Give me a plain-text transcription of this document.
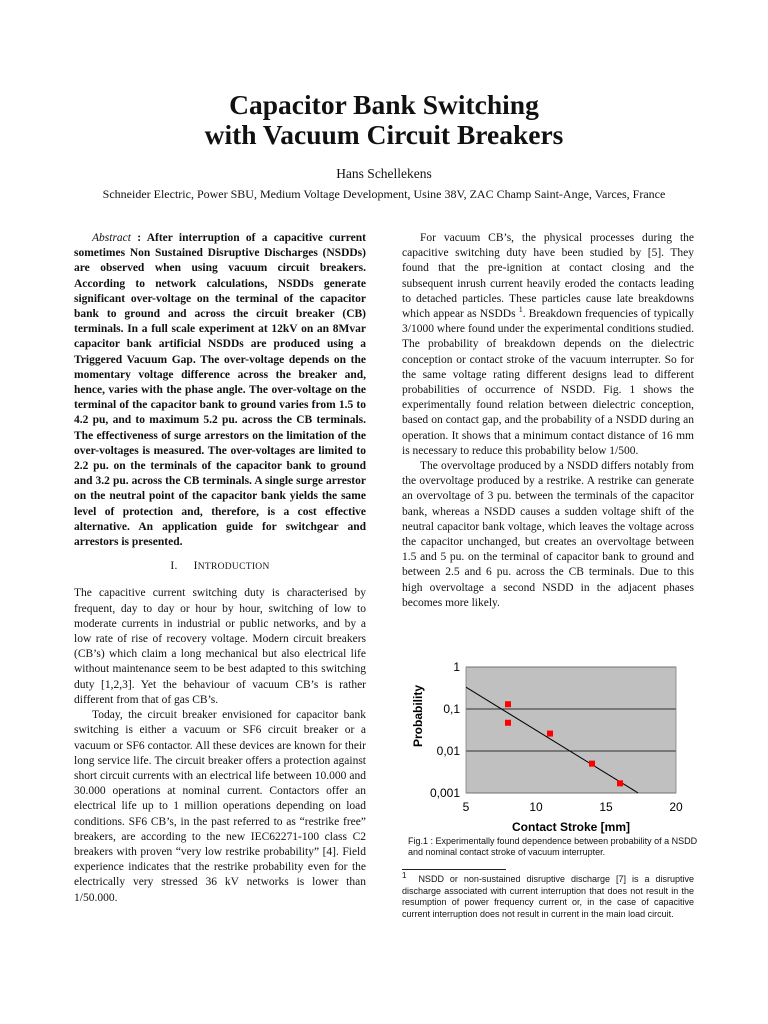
Capacitor Bank Switching
with Vacuum Circuit Breakers

Hans Schellekens

Schneider Electric, Power SBU, Medium Voltage Development, Usine 38V, ZAC Champ Saint-Ange, Varces, France

Abstract : After interruption of a capacitive current sometimes Non Sustained Disruptive Discharges (NSDDs) are observed when using vacuum circuit breakers. According to network calculations, NSDDs generate significant over-voltage on the terminal of the capacitor bank to ground and across the circuit breaker (CB) terminals. In a full scale experiment at 12kV on an 8Mvar capacitor bank artificial NSDDs are produced using a Triggered Vacuum Gap. The over-voltage depends on the momentary voltage difference across the breaker and, hence, varies with the phase angle. The over-voltage on the terminal of the capacitor bank to ground varies from 1.5 to 4.2 pu, and to maximum 5.2 pu. across the CB terminals. The effectiveness of surge arrestors on the limitation of the over-voltages is measured. The over-voltages are limited to 2.2 pu. on the terminals of the capacitor bank to ground and 3.2 pu. across the CB terminals. A single surge arrestor on the neutral point of the capacitor bank yields the same level of protection and, therefore, is a cost effective alternative. An application guide for switchgear and arrestors is presented.

I. INTRODUCTION

The capacitive current switching duty is characterised by frequent, day to day or hour by hour, switching of low to moderate currents in industrial or public networks, and by a low rate of rise of recovery voltage. Modern circuit breakers (CB’s) which claim a long mechanical but also electrical life without maintenance seem to be best adapted to this switching duty [1,2,3]. Yet the behaviour of vacuum CB’s is rather different from that of gas CB’s.

Today, the circuit breaker envisioned for capacitor bank switching is either a vacuum or SF6 circuit breaker or a vacuum or SF6 contactor. All these devices are known for their long service life. The circuit breaker offers a protection against short circuit currents with an electrical life between 10.000 and 30.000 operations at nominal current. Contactors offer an electrical life up to 1 million operations depending on load conditions. SF6 CB’s, in the past referred to as “restrike free” breakers, are according to the new IEC62271-100 class C2 breakers with proven “very low restrike probability” [4]. Field experience indicates that the restrike probability even for the electrically very stressed 36 kV networks is lower than 1/50.000.

For vacuum CB’s, the physical processes during the capacitive switching duty have been studied by [5]. They found that the pre-ignition at contact closing and the subsequent inrush current heavily eroded the contacts leading to detached particles. These particles cause late breakdowns which appear as NSDDs $^1$. Breakdown frequencies of typically 3/1000 where found under the experimental conditions studied. The probability of breakdown depends on the dielectric conception or contact stroke of the vacuum interrupter. So for the same voltage rating different designs lead to different probabilities of occurrence of NSDD. Fig. 1 shows the experimentally found relation between dielectric conception, based on contact gap, and the probability of a NSDD during an operation. It shows that a minimum contact distance of 16 mm is necessary to reduce this probability below 1/500.

The overvoltage produced by a NSDD differs notably from the overvoltage produced by a restrike. A restrike can generate an overvoltage of 3 pu. between the terminals of the capacitor bank, whereas a NSDD causes a sudden voltage shift of the neutral capacitor bank voltage, which leaves the voltage across the capacitor unchanged, but creates an overvoltage between 1.5 and 5 pu. on the terminal of capacitor bank to ground and between 2.5 and 6 pu. across the CB terminals. Due to this high overvoltage a second NSDD in the adjacent phases becomes more likely.

1
0,1
0,01
0,001
5	10	15	20
Contact Stroke [mm]
Probability
Fig.1 : Experimentally found dependence between probability of a NSDD and nominal contact stroke of vacuum interrupter.
1 NSDD or non-sustained disruptive discharge [7] is a disruptive discharge associated with current interruption that does not result in the resumption of power frequency current or, in the case of capacitive current interruption does not result in current in the main load circuit.
